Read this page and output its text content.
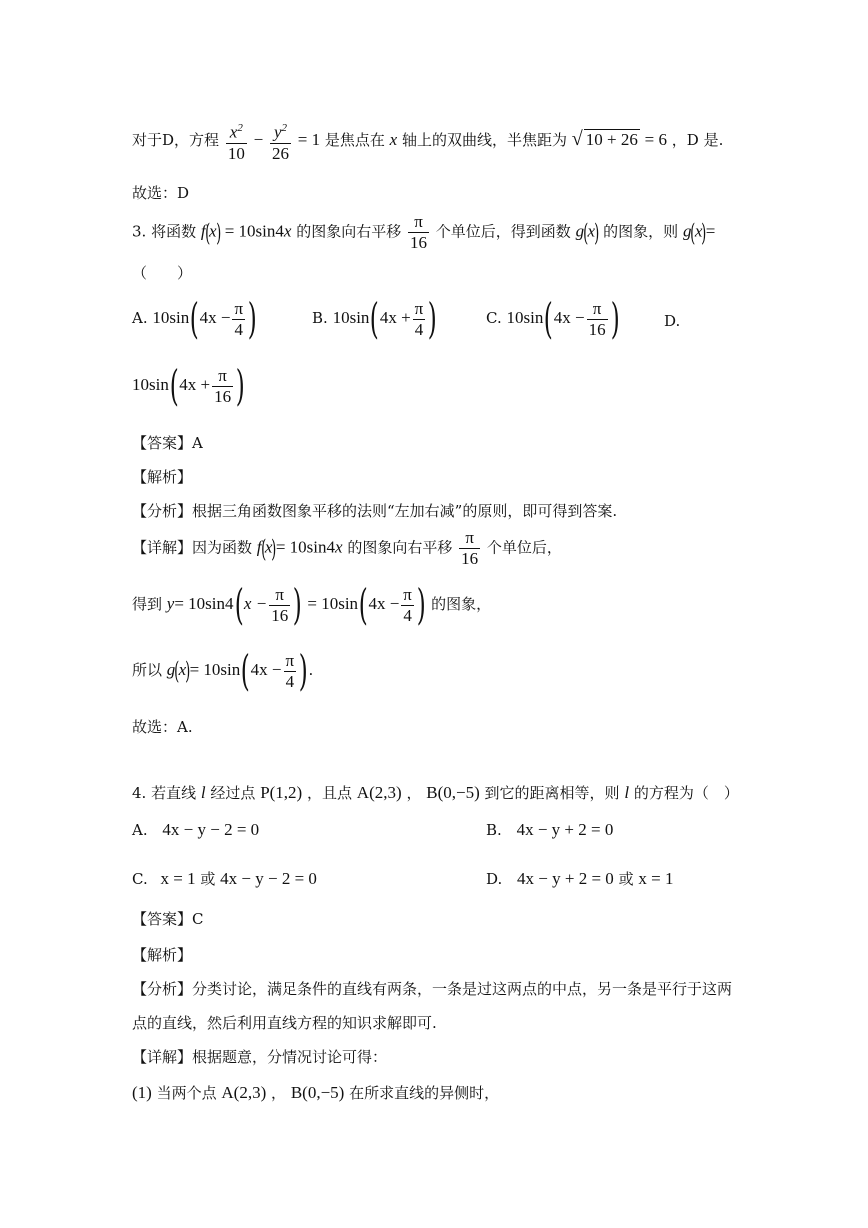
对于D，方程 $\frac{x^2}{10} - \frac{y^2}{26} = 1$ 是焦点在 x 轴上的双曲线，半焦距为 √ 10 + 26 = 6 ，D 是.
故选：D
3. 将函数 f(x) = 10sin4x 的图象向右平移 $\frac{\pi}{16}$ 个单位后，得到函数 g(x) 的图象，则 g(x)=
（　　）
A. $10\sin(4x - \frac{\pi}{4}$ )	B. $10\sin(4x + \frac{\pi}{4}$ )	C. $10\sin(4x - \frac{\pi}{16}$ )	D.
$10\sin(4x + \frac{\pi}{16}$ )
【答案】A
【解析】
【分析】根据三角函数图象平移的法则“左加右减”的原则，即可得到答案.
【详解】因为函数 f(x)= 10sin4x 的图象向右平移 $\frac{\pi}{16}$ 个单位后，
得到 $y= 10\sin 4(x - \frac{\pi}{16}$ ) = $10\sin(4x - \frac{\pi}{4}$ ) 的图象，
所以 $g(x)= 10\sin(4x - \frac{\pi}{4}$ ).
故选：A.
4. 若直线 l 经过点 P(1,2) ，且点 A(2,3) ， B(0,−5) 到它的距离相等，则 l 的方程为（　）
A. 4x − y − 2 = 0	B. 4x − y + 2 = 0
C. x = 1 或 4x − y − 2 = 0	D. 4x − y + 2 = 0 或 x = 1
【答案】C
【解析】
【分析】分类讨论，满足条件的直线有两条，一条是过这两点的中点，另一条是平行于这两
点的直线，然后利用直线方程的知识求解即可.
【详解】根据题意，分情况讨论可得：
(1) 当两个点 A(2,3) ， B(0,−5) 在所求直线的异侧时，
